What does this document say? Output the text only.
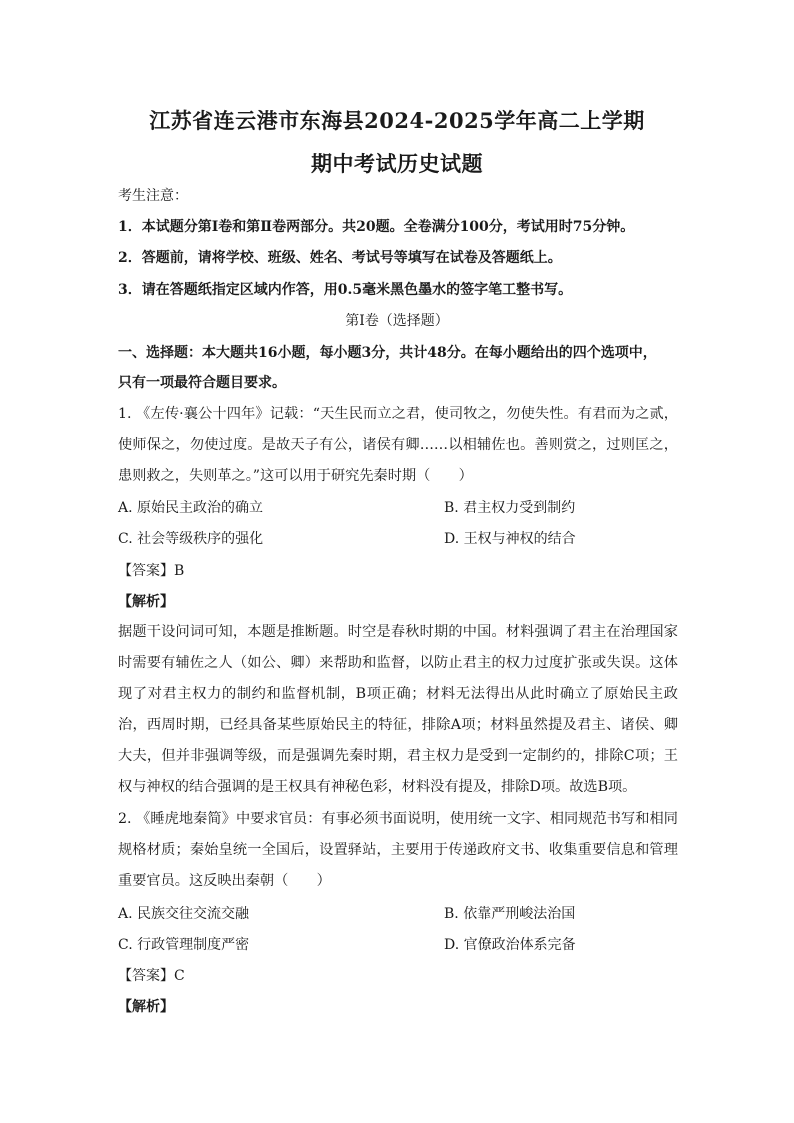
江苏省连云港市东海县2024-2025学年高二上学期
期中考试历史试题
考生注意：
1．本试题分第Ⅰ卷和第Ⅱ卷两部分。共20题。全卷满分100分，考试用时75分钟。
2．答题前，请将学校、班级、姓名、考试号等填写在试卷及答题纸上。
3．请在答题纸指定区域内作答，用0.5毫米黑色墨水的签字笔工整书写。
第Ⅰ卷（选择题）
一、选择题：本大题共16小题，每小题3分，共计48分。在每小题给出的四个选项中，
只有一项最符合题目要求。
1. 《左传·襄公十四年》记载：“天生民而立之君，使司牧之，勿使失性。有君而为之贰，使师保之，勿使过度。是故天子有公，诸侯有卿……以相辅佐也。善则赏之，过则匡之，患则救之，失则革之。”这可以用于研究先秦时期（　　）
A. 原始民主政治的确立	B. 君主权力受到制约
C. 社会等级秩序的强化	D. 王权与神权的结合
【答案】B
【解析】
据题干设问词可知，本题是推断题。时空是春秋时期的中国。材料强调了君主在治理国家时需要有辅佐之人（如公、卿）来帮助和监督，以防止君主的权力过度扩张或失误。这体现了对君主权力的制约和监督机制，B项正确；材料无法得出从此时确立了原始民主政治，西周时期，已经具备某些原始民主的特征，排除A项；材料虽然提及君主、诸侯、卿大夫，但并非强调等级，而是强调先秦时期，君主权力是受到一定制约的，排除C项；王权与神权的结合强调的是王权具有神秘色彩，材料没有提及，排除D项。故选B项。
2. 《睡虎地秦简》中要求官员：有事必须书面说明，使用统一文字、相同规范书写和相同规格材质；秦始皇统一全国后，设置驿站，主要用于传递政府文书、收集重要信息和管理重要官员。这反映出秦朝（　　）
A. 民族交往交流交融	B. 依靠严刑峻法治国
C. 行政管理制度严密	D. 官僚政治体系完备
【答案】C
【解析】
